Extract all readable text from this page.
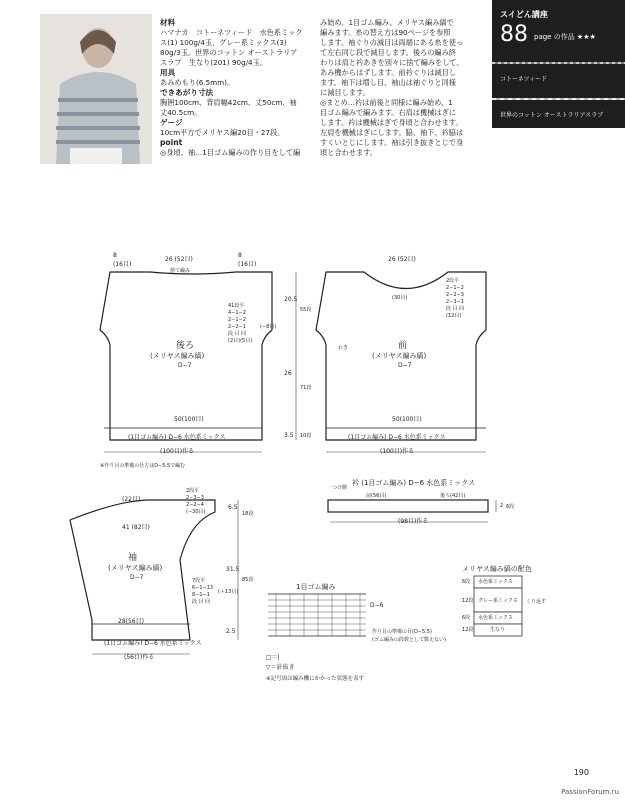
材料
ハマナカ　コトーネツィード　水色系ミック
ス(1) 100g/4玉、グレー系ミックス(3)
80g/3玉。世界のコットン オーストラリア
スラブ　生なり(201) 90g/4玉。
用具
あみめもり(6.5mm)。
できあがり寸法
胸囲100cm、背肩幅42cm、丈50cm、袖
丈40.5cm。
ゲージ
10cm平方でメリヤス編20目・27段。
point
◎身頃、袖…1目ゴム編みの作り目をして編
み始め、1目ゴム編み、メリヤス編み縞で
編みます。糸の替え方は90ページを参照
します。袖ぐりの減目は両端にある糸を使っ
て左右同じ段で減目します。後ろの編み終
わりは肩と衿あきを別々に捨て編みをして、
あみ機からはずします。前衿ぐりは減目し
ます。袖下は増し目、袖山は袖ぐりと同様
に減目します。
◎まとめ…衿は前後と同様に編み始め、1
目ゴム編みで編みます。右肩は機械はぎに
します。衿は機械はぎで身頃と合わせます。
左肩を機械はぎにします。脇、袖下、衿脇は
すくいとじにします。袖は引き抜きとじで身
頃と合わせます。
スイどん講座
88 page の作品 ★★★
コトーネツィード
世界のコットン オーストラリアスラブ
後ろ
(メリヤス編み縞)
D−7
26 (52目)
捨て編み
8
(16目)
8
(16目)
41段平
4−1−2
2−1−2
2−2−1
段 目 回
(2目)(5目)
(−8目)
50(100目)
(1目ゴム編み) D−6 水色系ミックス
(100目)作る
※作り目の準備の仕方はD−5.5で編む
前
(メリヤス編み縞)
D−7
26 (52目)
(30目)
2段平
2−1−2
2−2−3
2−3−1
段 目 回
(12目)
わき
50(100目)
(1目ゴム編み) D−6 水色系ミックス
(100目)作る
衿 (1目ゴム編み) D−6 水色系ミックス
つけ側
前(56目)	後ろ(42目)
(98目)作る
袖
(メリヤス編み縞)
D−7
(22目)
41 (82目)
2段平
2−3−3
2−2−4
(−30目)
7段平
6−1−13
8−1−1
段 目 回
(＋13目)
28(56目)
(1目ゴム編み) D−6 水色系ミックス
(56目)作る
1目ゴム編み
D−6
作り目の準備の目(D−5.5)
(ゴム編みの段数として数えない)
□＝|
▽＝針抜き
※記号図は編み機にかかった状態を表す
メリヤス編み縞の配色
水色系ミックス
グレー系ミックス
水色系ミックス
生なり
6段
12段
6段
12段
くり返す
20.5
26
3.5
55段
71段
10段
6.5
31.5
2.5
85段
18段
6段
2
190
PassionForum.ru
